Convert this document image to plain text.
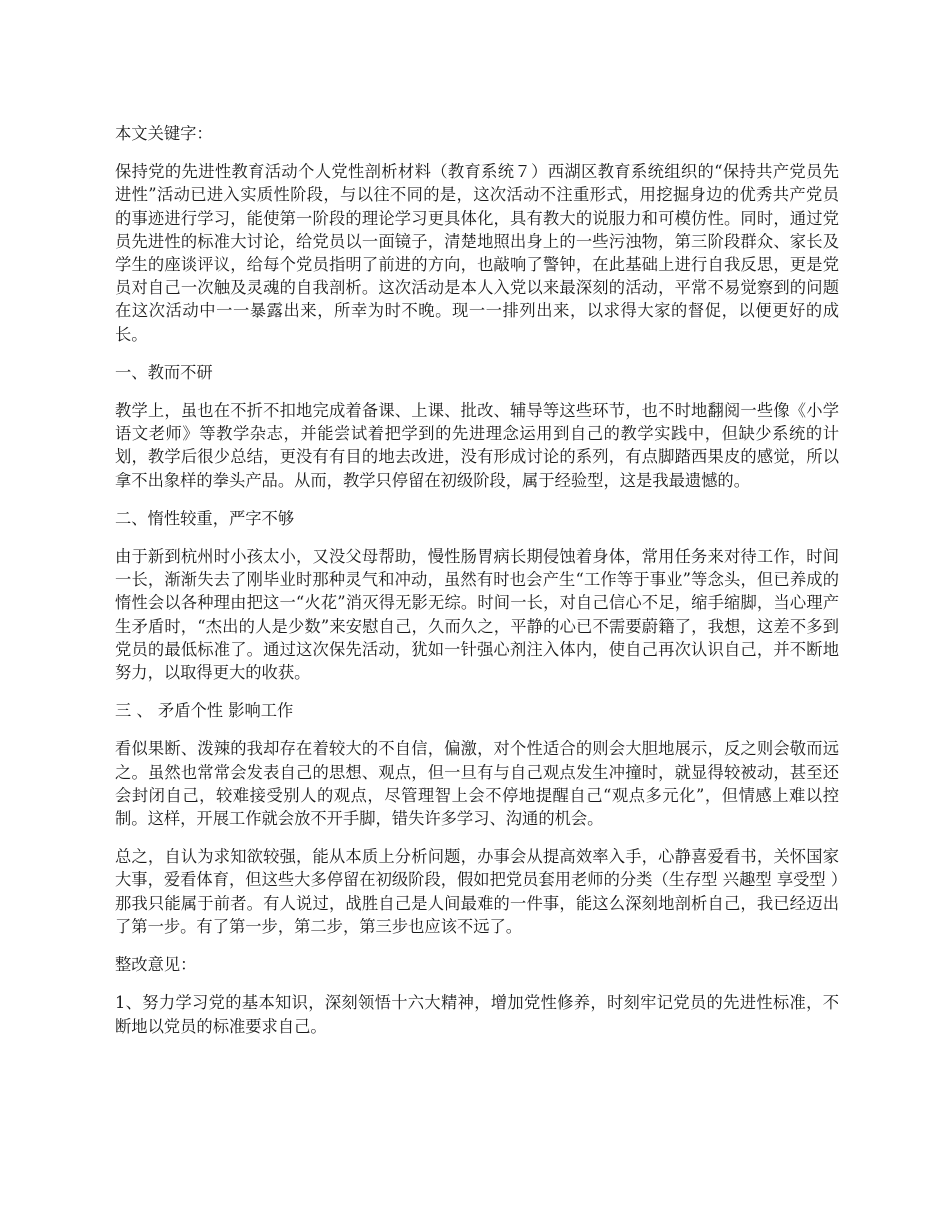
本文关键字：

保持党的先进性教育活动个人党性剖析材料（教育系统７）西湖区教育系统组织的“保持共产党员先进性”活动已进入实质性阶段，与以往不同的是，这次活动不注重形式，用挖掘身边的优秀共产党员的事迹进行学习，能使第一阶段的理论学习更具体化，具有教大的说服力和可模仿性。同时，通过党员先进性的标准大讨论，给党员以一面镜子，清楚地照出身上的一些污浊物，第三阶段群众、家长及学生的座谈评议，给每个党员指明了前进的方向，也敲响了警钟，在此基础上进行自我反思，更是党员对自己一次触及灵魂的自我剖析。这次活动是本人入党以来最深刻的活动，平常不易觉察到的问题在这次活动中一一暴露出来，所幸为时不晚。现一一排列出来，以求得大家的督促，以便更好的成长。

一、教而不研

教学上，虽也在不折不扣地完成着备课、上课、批改、辅导等这些环节，也不时地翻阅一些像《小学语文老师》等教学杂志，并能尝试着把学到的先进理念运用到自己的教学实践中，但缺少系统的计划，教学后很少总结，更没有有目的地去改进，没有形成讨论的系列，有点脚踏西果皮的感觉，所以拿不出象样的拳头产品。从而，教学只停留在初级阶段，属于经验型，这是我最遗憾的。

二、惰性较重，严字不够

由于新到杭州时小孩太小，又没父母帮助，慢性肠胃病长期侵蚀着身体，常用任务来对待工作，时间一长，渐渐失去了刚毕业时那种灵气和冲动，虽然有时也会产生“工作等于事业”等念头，但已养成的惰性会以各种理由把这一“火花”消灭得无影无综。时间一长，对自己信心不足，缩手缩脚，当心理产生矛盾时，“杰出的人是少数”来安慰自己，久而久之，平静的心已不需要蔚籍了，我想，这差不多到党员的最低标准了。通过这次保先活动，犹如一针强心剂注入体内，使自己再次认识自己，并不断地努力，以取得更大的收获。

三 、 矛盾个性 影响工作

看似果断、泼辣的我却存在着较大的不自信，偏激，对个性适合的则会大胆地展示，反之则会敬而远之。虽然也常常会发表自己的思想、观点，但一旦有与自己观点发生冲撞时，就显得较被动，甚至还会封闭自己，较难接受别人的观点，尽管理智上会不停地提醒自己“观点多元化”，但情感上难以控制。这样，开展工作就会放不开手脚，错失许多学习、沟通的机会。

总之，自认为求知欲较强，能从本质上分析问题，办事会从提高效率入手，心静喜爱看书，关怀国家大事，爱看体育，但这些大多停留在初级阶段，假如把党员套用老师的分类（生存型 兴趣型 享受型 ）那我只能属于前者。有人说过，战胜自己是人间最难的一件事，能这么深刻地剖析自己，我已经迈出了第一步。有了第一步，第二步，第三步也应该不远了。

整改意见：

1、努力学习党的基本知识，深刻领悟十六大精神，增加党性修养，时刻牢记党员的先进性标准，不断地以党员的标准要求自己。
